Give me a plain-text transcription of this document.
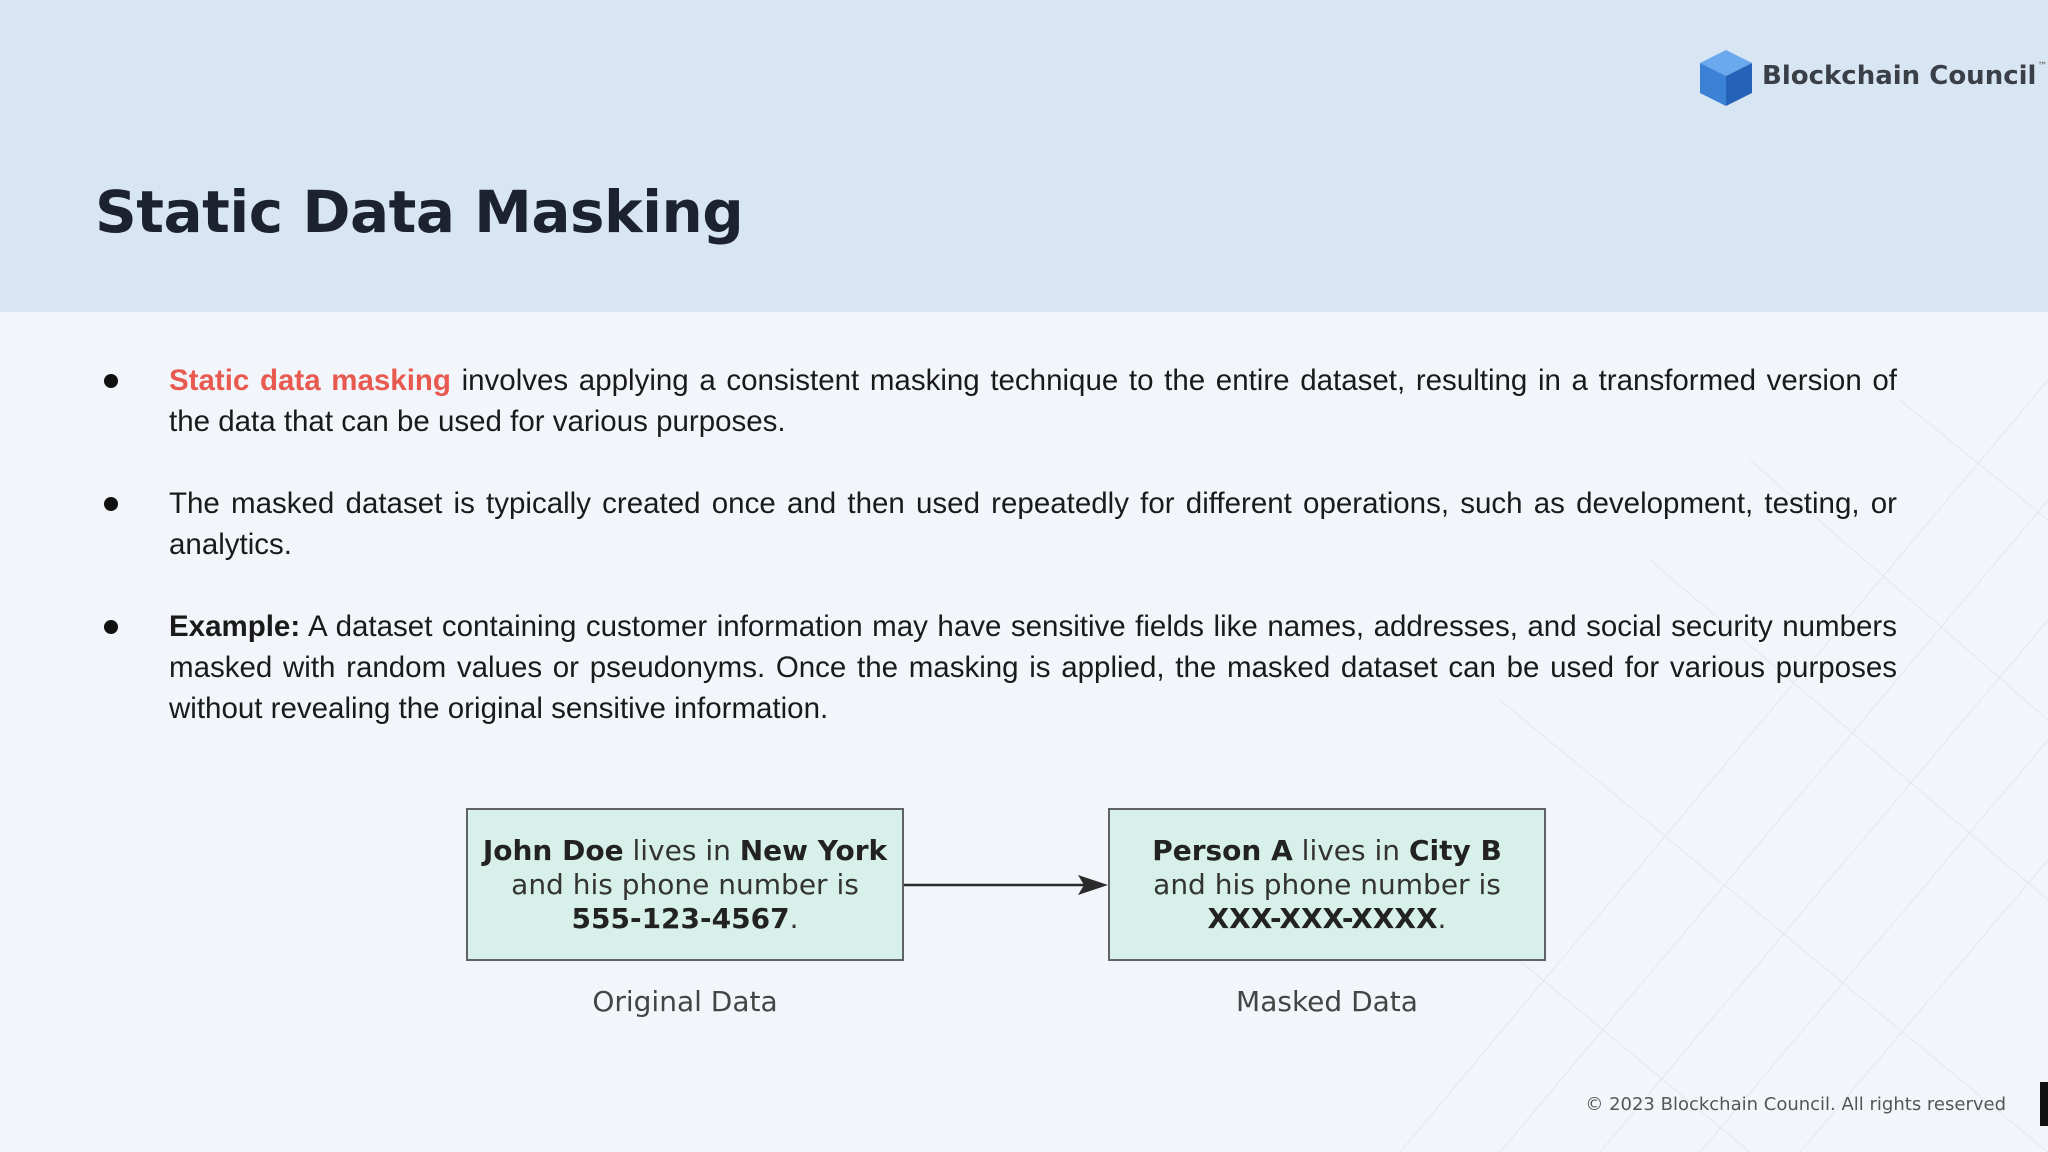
Static Data Masking
Blockchain Council™

Static data masking involves applying a consistent masking technique to the entire dataset, resulting in a transformed version of the data that can be used for various purposes.

The masked dataset is typically created once and then used repeatedly for different operations, such as development, testing, or analytics.

Example: A dataset containing customer information may have sensitive fields like names, addresses, and social security numbers masked with random values or pseudonyms. Once the masking is applied, the masked dataset can be used for various purposes without revealing the original sensitive information.

John Doe lives in New York
and his phone number is
555-123-4567.
Person A lives in City B
and his phone number is
XXX-XXX-XXXX.
Original Data	Masked Data
© 2023 Blockchain Council. All rights reserved
